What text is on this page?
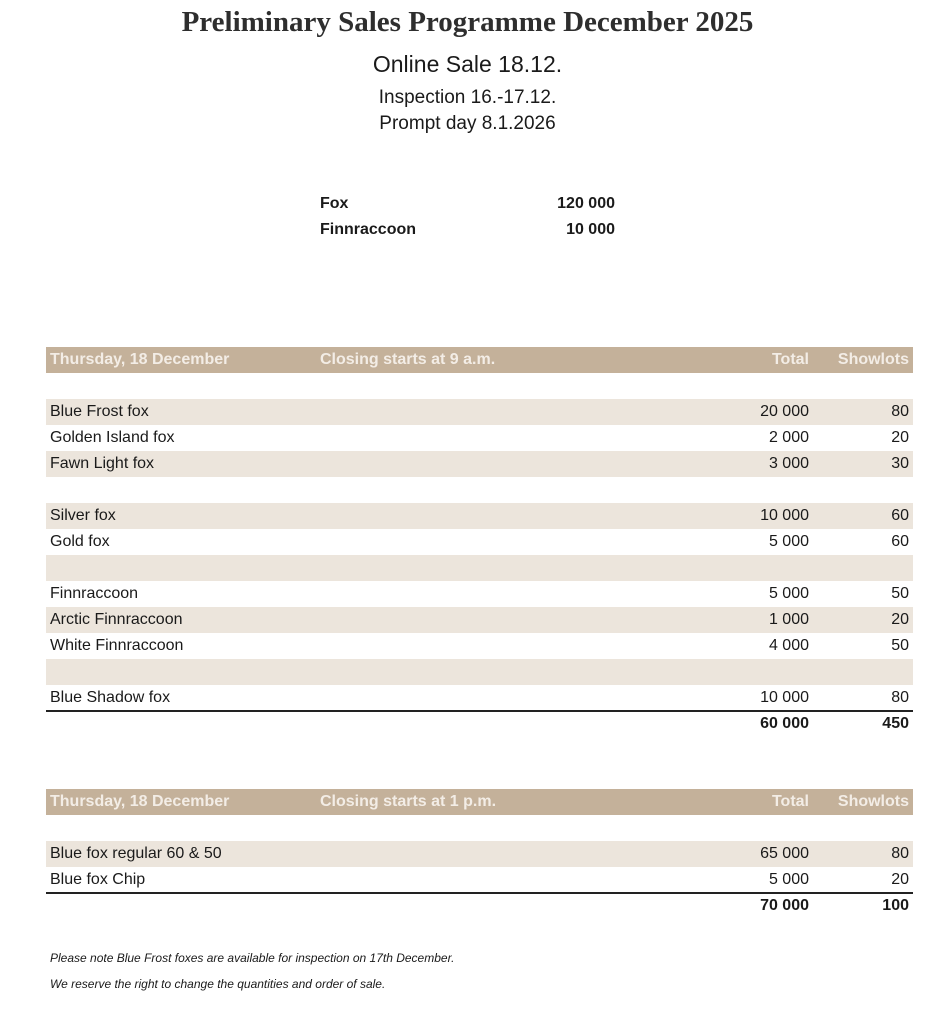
Preliminary Sales Programme December 2025
Online Sale 18.12.
Inspection 16.-17.12.
Prompt day 8.1.2026
Fox	120 000
Finnraccoon	10 000
Thursday, 18 December	Closing starts at 9 a.m.	Total Showlots
Blue Frost fox	20 000	80
Golden Island fox	2 000	20
Fawn Light fox	3 000	30
Silver fox	10 000	60
Gold fox	5 000	60
Finnraccoon	5 000	50
Arctic Finnraccoon	1 000	20
White Finnraccoon	4 000	50
Blue Shadow fox	10 000	80
60 000	450
Thursday, 18 December	Closing starts at 1 p.m.	Total Showlots
Blue fox regular 60 & 50	65 000	80
Blue fox Chip	5 000	20
70 000	100
Please note Blue Frost foxes are available for inspection on 17th December.
We reserve the right to change the quantities and order of sale.
